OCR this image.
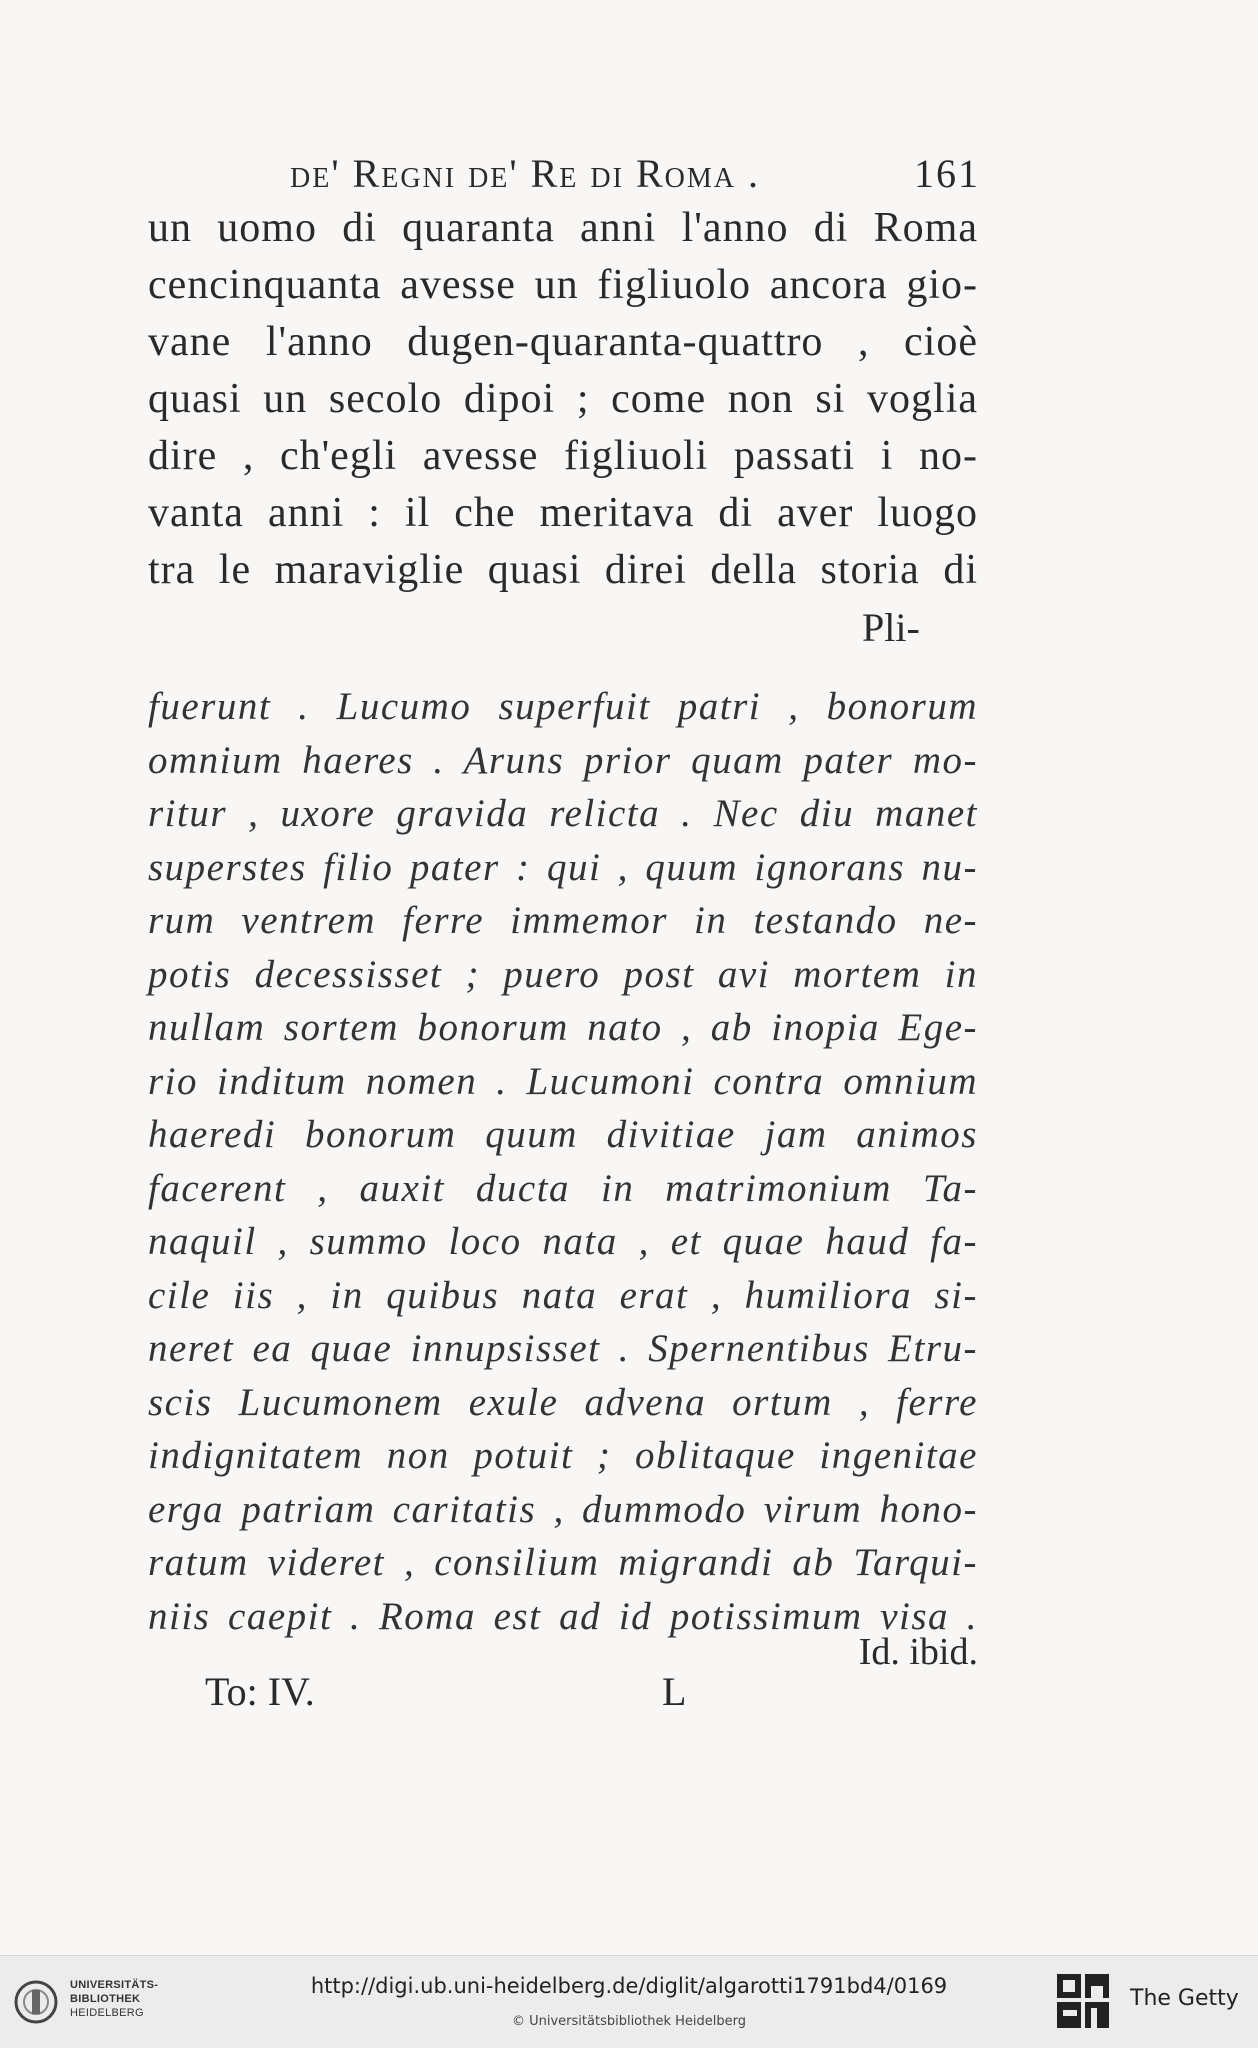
de' Regni de' Re di Roma .	161
un uomo di quaranta anni l'anno di Roma
cencinquanta avesse un figliuolo ancora gio-
vane l'anno dugen-quaranta-quattro , cioè
quasi un secolo dipoi ; come non si voglia
dire , ch'egli avesse figliuoli passati i no-
vanta anni : il che meritava di aver luogo
tra le maraviglie quasi direi della storia di
Pli-
fuerunt . Lucumo superfuit patri , bonorum
omnium haeres . Aruns prior quam pater mo-
ritur , uxore gravida relicta . Nec diu manet
superstes filio pater : qui , quum ignorans nu-
rum ventrem ferre immemor in testando ne-
potis decessisset ; puero post avi mortem in
nullam sortem bonorum nato , ab inopia Ege-
rio inditum nomen . Lucumoni contra omnium
haeredi bonorum quum divitiae jam animos
facerent , auxit ducta in matrimonium Ta-
naquil , summo loco nata , et quae haud fa-
cile iis , in quibus nata erat , humiliora si-
neret ea quae innupsisset . Spernentibus Etru-
scis Lucumonem exule advena ortum , ferre
indignitatem non potuit ; oblitaque ingenitae
erga patriam caritatis , dummodo virum hono-
ratum videret , consilium migrandi ab Tarqui-
niis caepit . Roma est ad id potissimum visa .
Id. ibid.
To: IV.	L
UNIVERSITÄTS-
BIBLIOTHEK
HEIDELBERG
http://digi.ub.uni-heidelberg.de/diglit/algarotti1791bd4/0169
© Universitätsbibliothek Heidelberg
The Getty
